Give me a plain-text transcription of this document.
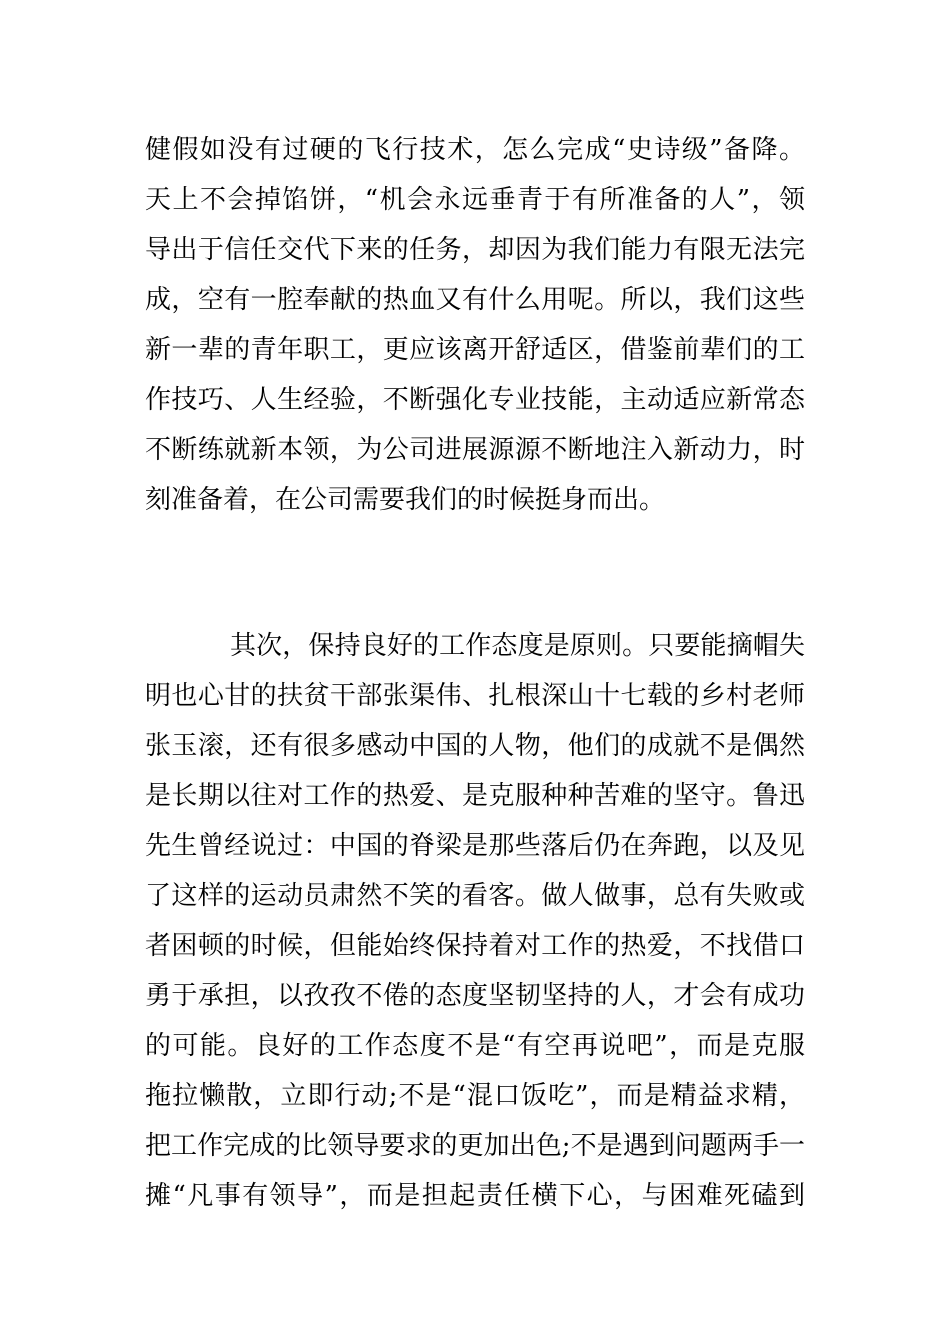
健假如没有过硬的飞行技术，怎么完成“史诗级”备降。
天上不会掉馅饼，“机会永远垂青于有所准备的人”，领
导出于信任交代下来的任务，却因为我们能力有限无法完
成，空有一腔奉献的热血又有什么用呢。所以，我们这些
新一辈的青年职工，更应该离开舒适区，借鉴前辈们的工
作技巧、人生经验，不断强化专业技能，主动适应新常态
不断练就新本领，为公司进展源源不断地注入新动力，时
刻准备着，在公司需要我们的时候挺身而出。
其次，保持良好的工作态度是原则。只要能摘帽失
明也心甘的扶贫干部张渠伟、扎根深山十七载的乡村老师
张玉滚，还有很多感动中国的人物，他们的成就不是偶然
是长期以往对工作的热爱、是克服种种苦难的坚守。鲁迅
先生曾经说过：中国的脊梁是那些落后仍在奔跑，以及见
了这样的运动员肃然不笑的看客。做人做事，总有失败或
者困顿的时候，但能始终保持着对工作的热爱，不找借口
勇于承担，以孜孜不倦的态度坚韧坚持的人，才会有成功
的可能。良好的工作态度不是“有空再说吧”，而是克服
拖拉懒散，立即行动;不是“混口饭吃”，而是精益求精，
把工作完成的比领导要求的更加出色;不是遇到问题两手一
摊“凡事有领导”，而是担起责任横下心，与困难死磕到
